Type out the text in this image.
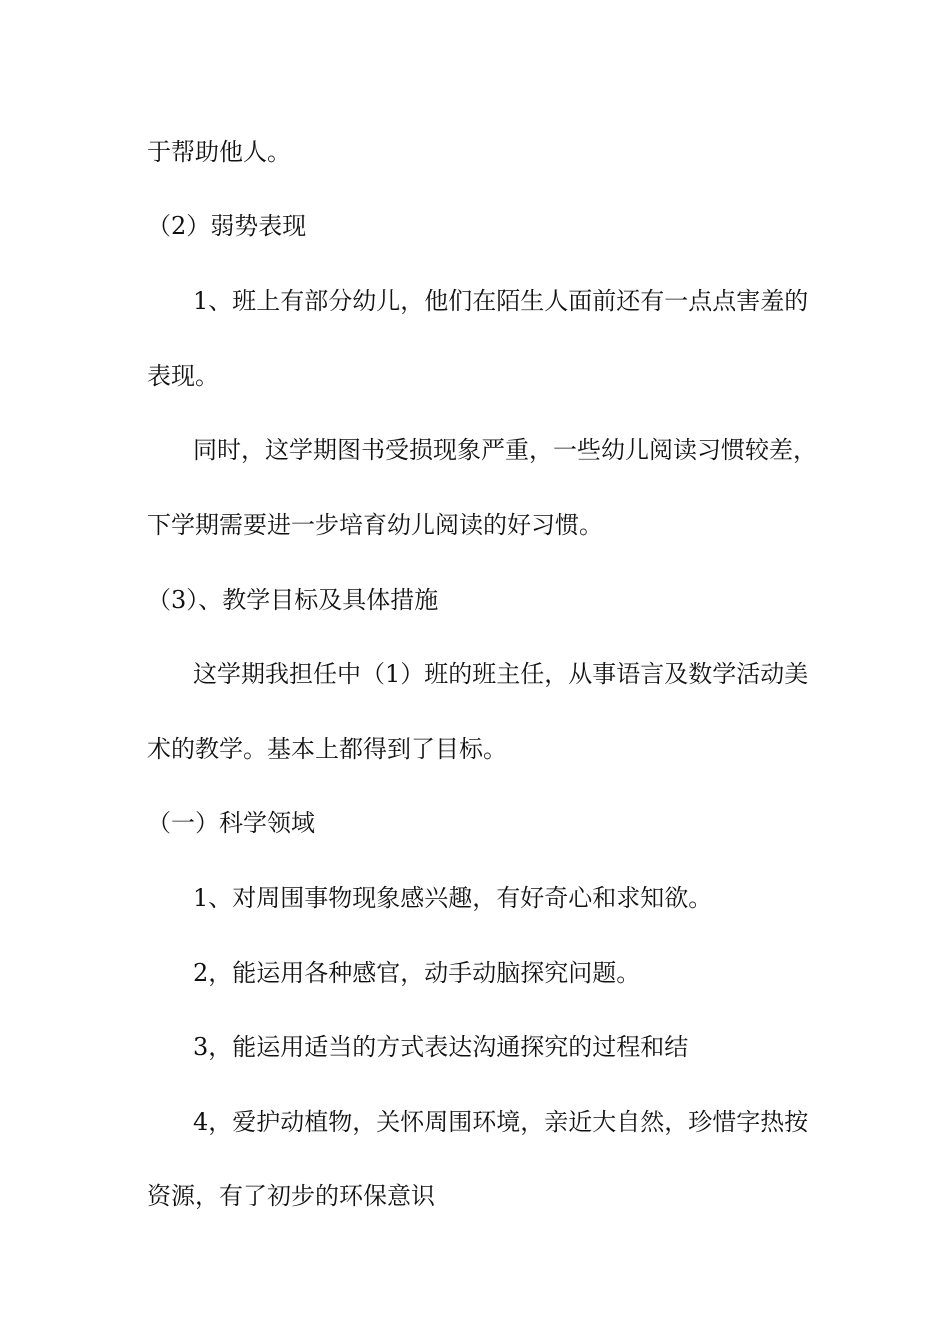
于帮助他人。
（2）弱势表现
1、班上有部分幼儿，他们在陌生人面前还有一点点害羞的
表现。
同时，这学期图书受损现象严重，一些幼儿阅读习惯较差，
下学期需要进一步培育幼儿阅读的好习惯。
（3）、教学目标及具体措施
这学期我担任中（1）班的班主任，从事语言及数学活动美
术的教学。基本上都得到了目标。
（一）科学领域
1、对周围事物现象感兴趣，有好奇心和求知欲。
2，能运用各种感官，动手动脑探究问题。
3，能运用适当的方式表达沟通探究的过程和结
4，爱护动植物，关怀周围环境，亲近大自然，珍惜字热按
资源，有了初步的环保意识
